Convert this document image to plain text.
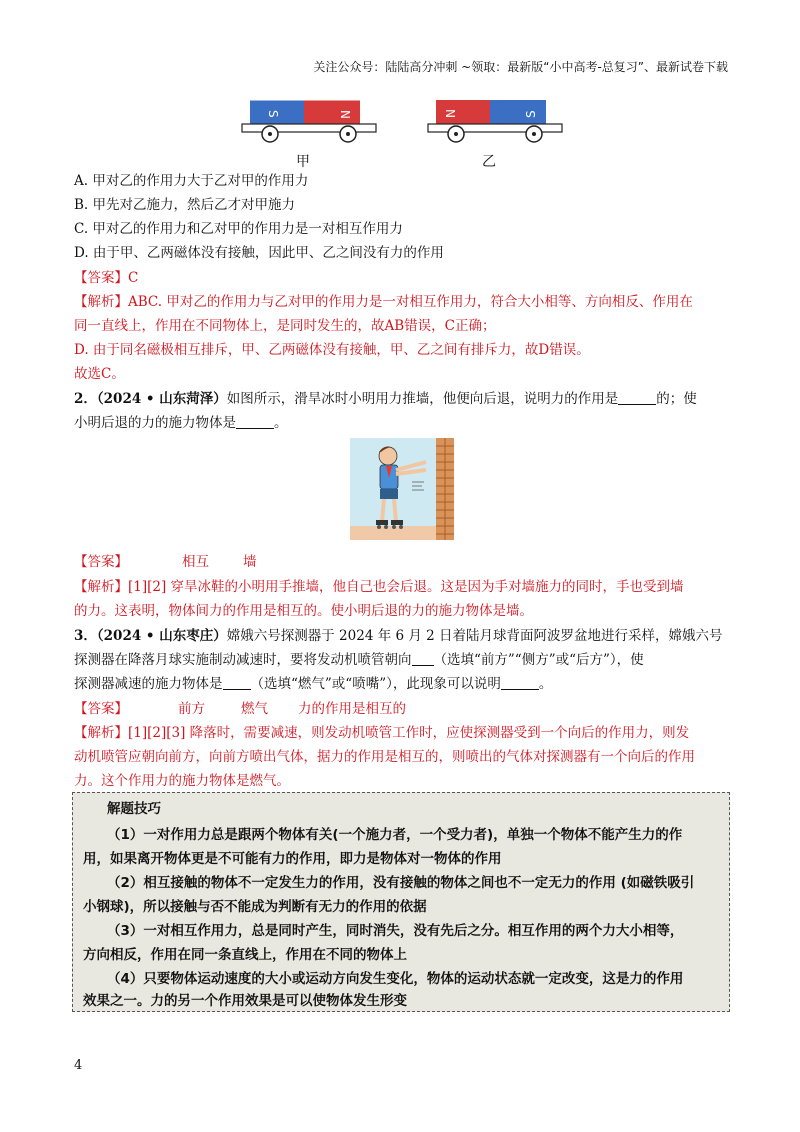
关注公众号：陆陆高分冲刺 ~领取：最新版“小中高考-总复习”、最新试卷下载
S	N
甲
N	S
乙
A. 甲对乙的作用力大于乙对甲的作用力
B. 甲先对乙施力，然后乙才对甲施力
C. 甲对乙的作用力和乙对甲的作用力是一对相互作用力
D. 由于甲、乙两磁体没有接触，因此甲、乙之间没有力的作用
【答案】C
【解析】ABC. 甲对乙的作用力与乙对甲的作用力是一对相互作用力，符合大小相等、方向相反、作用在
同一直线上，作用在不同物体上，是同时发生的，故AB错误，C正确；
D. 由于同名磁极相互排斥，甲、乙两磁体没有接触，甲、乙之间有排斥力，故D错误。
故选C。
2．（2024 • 山东菏泽）如图所示，滑旱冰时小明用力推墙，他便向后退，说明力的作用是	的；使
小明后退的力的施力物体是	。
【答案】	相互	墙
【解析】[1][2] 穿旱冰鞋的小明用手推墙，他自己也会后退。这是因为手对墙施力的同时，手也受到墙
的力。这表明，物体间力的作用是相互的。使小明后退的力的施力物体是墙。
3．（2024 • 山东枣庄）嫦娥六号探测器于 2024 年 6 月 2 日着陆月球背面阿波罗盆地进行采样，嫦娥六号
探测器在降落月球实施制动减速时，要将发动机喷管朝向 （选填“前方”“侧方”或“后方”），使
探测器减速的施力物体是 （选填“燃气”或“喷嘴”），此现象可以说明	。
【答案】	前方	燃气 力的作用是相互的
【解析】[1][2][3] 降落时，需要减速，则发动机喷管工作时，应使探测器受到一个向后的作用力，则发
动机喷管应朝向前方，向前方喷出气体，据力的作用是相互的，则喷出的气体对探测器有一个向后的作用
力。这个作用力的施力物体是燃气。
解题技巧
（1）一对作用力总是跟两个物体有关(一个施力者，一个受力者)，单独一个物体不能产生力的作
用，如果离开物体更是不可能有力的作用，即力是物体对一物体的作用
（2）相互接触的物体不一定发生力的作用，没有接触的物体之间也不一定无力的作用 (如磁铁吸引
小钢球)，所以接触与否不能成为判断有无力的作用的依据
（3）一对相互作用力，总是同时产生，同时消失，没有先后之分。相互作用的两个力大小相等，
方向相反，作用在同一条直线上，作用在不同的物体上
（4）只要物体运动速度的大小或运动方向发生变化，物体的运动状态就一定改变，这是力的作用
效果之一。力的另一个作用效果是可以使物体发生形变
4
